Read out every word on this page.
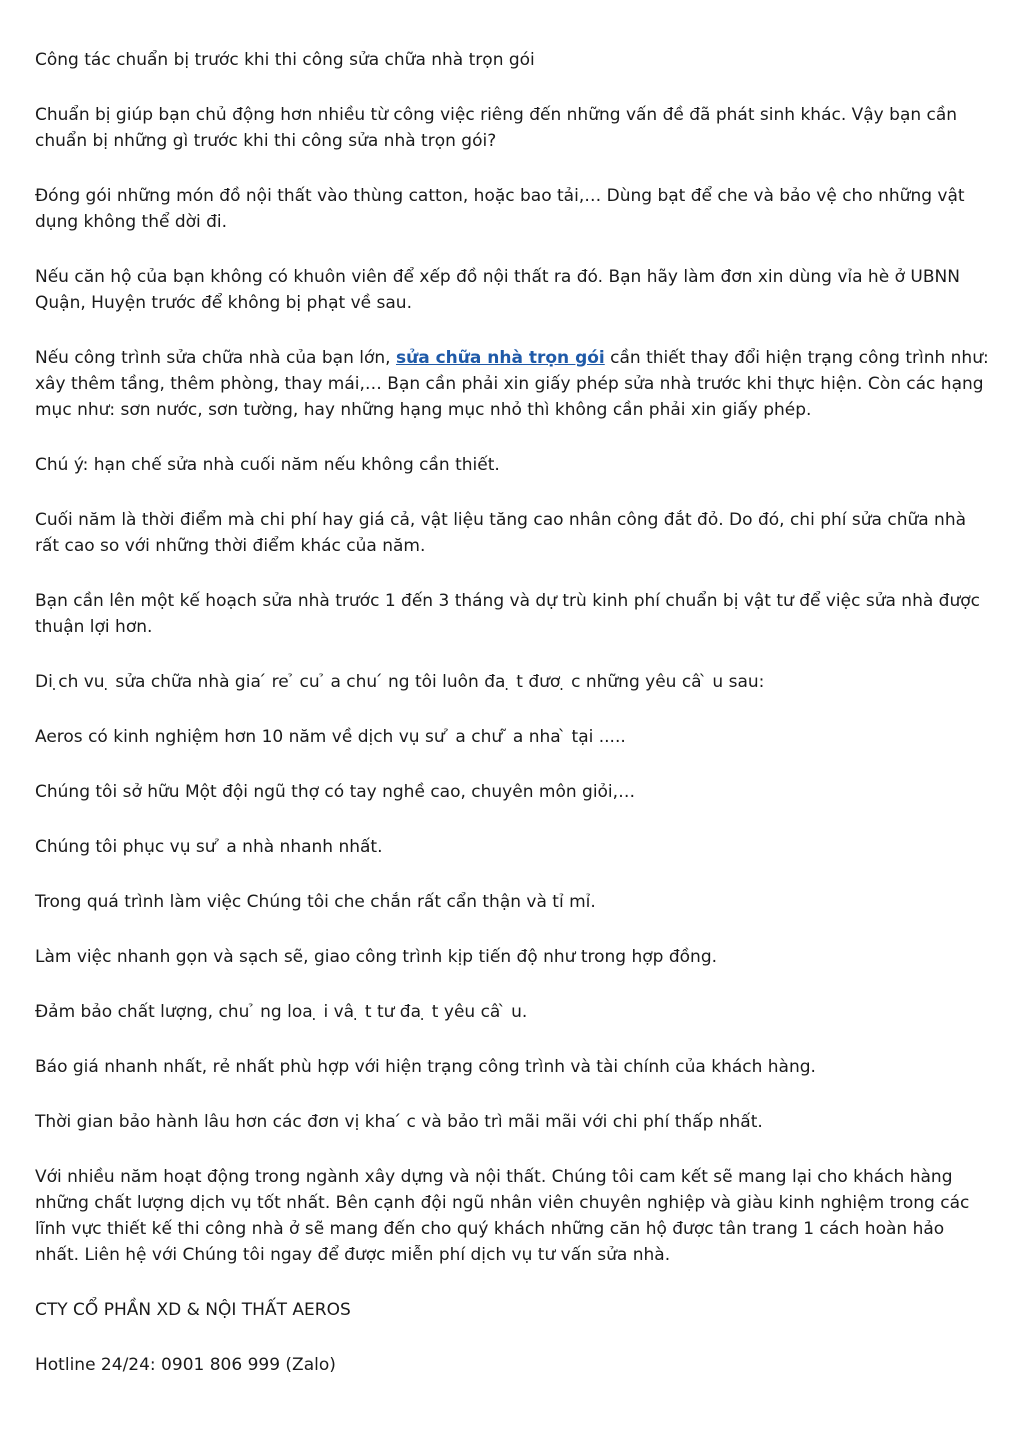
Công tác chuẩn bị trước khi thi công sửa chữa nhà trọn gói

Chuẩn bị giúp bạn chủ động hơn nhiều từ công việc riêng đến những vấn đề đã phát sinh khác. Vậy bạn cần chuẩn bị những gì trước khi thi công sửa nhà trọn gói?

Đóng gói những món đồ nội thất vào thùng catton, hoặc bao tải,… Dùng bạt để che và bảo vệ cho những vật dụng không thể dời đi.

Nếu căn hộ của bạn không có khuôn viên để xếp đồ nội thất ra đó. Bạn hãy làm đơn xin dùng vỉa hè ở UBNN Quận, Huyện trước để không bị phạt về sau.

Nếu công trình sửa chữa nhà của bạn lớn, sửa chữa nhà trọn gói cần thiết thay đổi hiện trạng công trình như: xây thêm tầng, thêm phòng, thay mái,… Bạn cần phải xin giấy phép sửa nhà trước khi thực hiện. Còn các hạng mục như: sơn nước, sơn tường, hay những hạng mục nhỏ thì không cần phải xin giấy phép.

Chú ý: hạn chế sửa nhà cuối năm nếu không cần thiết.

Cuối năm là thời điểm mà chi phí hay giá cả, vật liệu tăng cao nhân công đắt đỏ. Do đó, chi phí sửa chữa nhà rất cao so với những thời điểm khác của năm.

Bạn cần lên một kế hoạch sửa nhà trước 1 đến 3 tháng và dự trù kinh phí chuẩn bị vật tư để việc sửa nhà được thuận lợi hơn.

Di ̣ch vu ̣ sửa chữa nhà gia ́ re ̉ cu ̉ a chu ́ ng tôi luôn đa ̣ t đươ ̣ c những yêu câ ̀ u sau:

Aeros có kinh nghiệm hơn 10 năm về dịch vụ sư ̉ a chư ̃ a nha ̀ tại .....

Chúng tôi sở hữu Một đội ngũ thợ có tay nghề cao, chuyên môn giỏi,…

Chúng tôi phục vụ sư ̉ a nhà nhanh nhất.

Trong quá trình làm việc Chúng tôi che chắn rất cẩn thận và tỉ mỉ.

Làm việc nhanh gọn và sạch sẽ, giao công trình kịp tiến độ như trong hợp đồng.

Đảm bảo chất lượng, chu ̉ ng loa ̣ i vâ ̣ t tư đa ̣ t yêu câ ̀ u.

Báo giá nhanh nhất, rẻ nhất phù hợp với hiện trạng công trình và tài chính của khách hàng.

Thời gian bảo hành lâu hơn các đơn vị kha ́ c và bảo trì mãi mãi với chi phí thấp nhất.

Với nhiều năm hoạt động trong ngành xây dựng và nội thất. Chúng tôi cam kết sẽ mang lại cho khách hàng những chất lượng dịch vụ tốt nhất. Bên cạnh đội ngũ nhân viên chuyên nghiệp và giàu kinh nghiệm trong các lĩnh vực thiết kế thi công nhà ở sẽ mang đến cho quý khách những căn hộ được tân trang 1 cách hoàn hảo nhất. Liên hệ với Chúng tôi ngay để được miễn phí dịch vụ tư vấn sửa nhà.

CTY CỔ PHẦN XD & NỘI THẤT AEROS

Hotline 24/24: 0901 806 999 (Zalo)
